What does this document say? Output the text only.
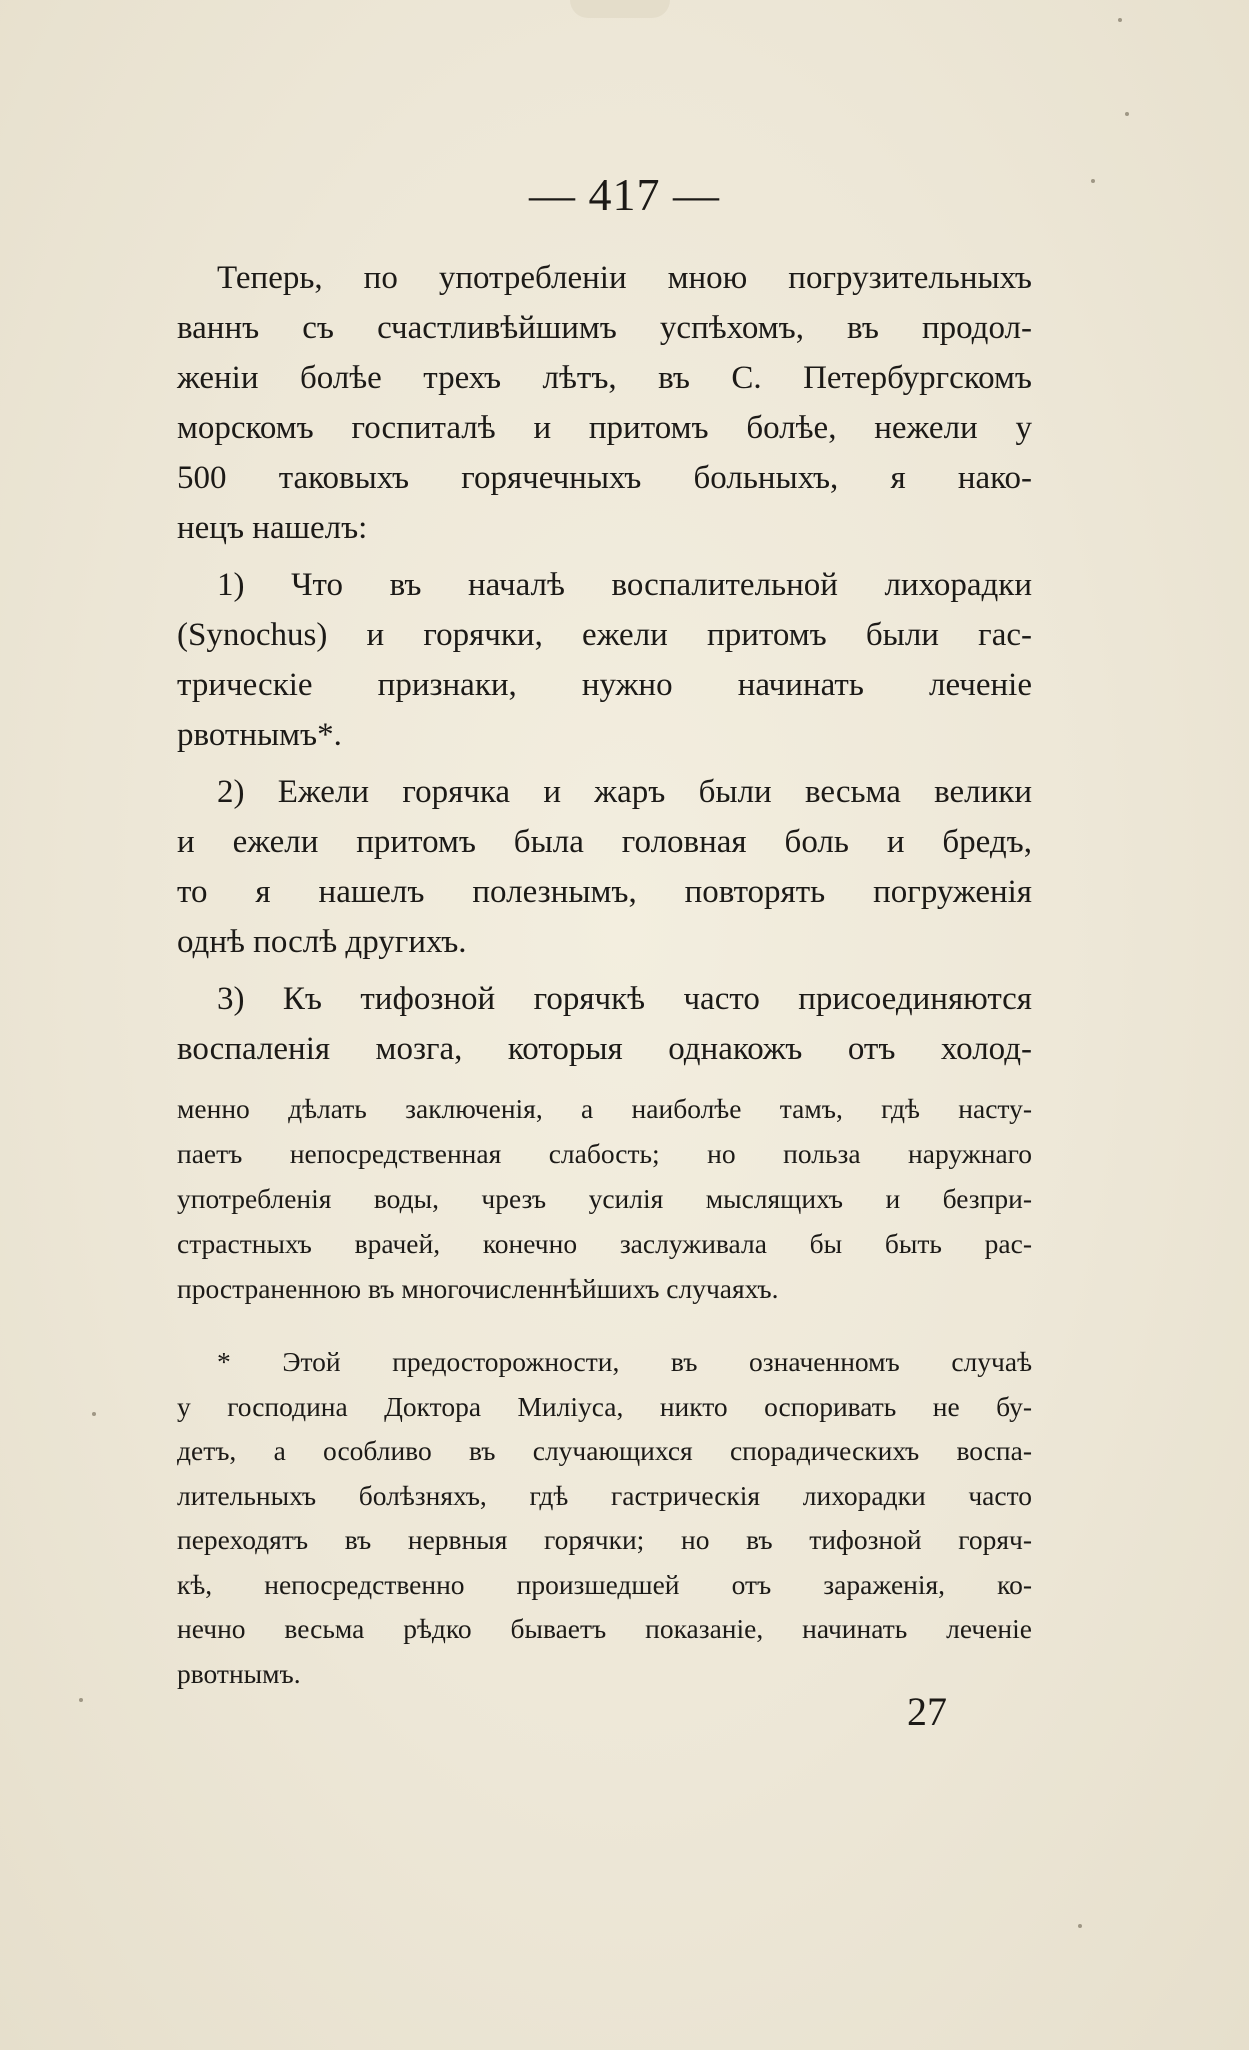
— 417 —
Теперь, по употребленіи мною погрузительныхъ
ваннъ съ счастливѣйшимъ успѣхомъ, въ продол-
женіи болѣе трехъ лѣтъ, въ С. Петербургскомъ
морскомъ госпиталѣ и притомъ болѣе, нежели у
500 таковыхъ горячечныхъ больныхъ, я нако-
нецъ нашелъ:
1) Что въ началѣ воспалительной лихорадки
(Synochus) и горячки, ежели притомъ были гас-
трическіе признаки, нужно начинать леченіе
рвотнымъ*.
2) Ежели горячка и жаръ были весьма велики
и ежели притомъ была головная боль и бредъ,
то я нашелъ полезнымъ, повторять погруженія
однѣ послѣ другихъ.
3) Къ тифозной горячкѣ часто присоединяются
воспаленія мозга, которыя однакожъ отъ холод-
менно дѣлать заключенія, а наиболѣе тамъ, гдѣ насту-
паетъ непосредственная слабость; но польза наружнаго
употребленія воды, чрезъ усилія мыслящихъ и безпри-
страстныхъ врачей, конечно заслуживала бы быть рас-
пространенною въ многочисленнѣйшихъ случаяхъ.
* Этой предосторожности, въ означенномъ случаѣ
у господина Доктора Миліуса, никто оспоривать не бу-
детъ, а особливо въ случающихся спорадическихъ воспа-
лительныхъ болѣзняхъ, гдѣ гастрическія лихорадки часто
переходятъ въ нервныя горячки; но въ тифозной горяч-
кѣ, непосредственно произшедшей отъ зараженія, ко-
нечно весьма рѣдко бываетъ показаніе, начинать леченіе
рвотнымъ.
27
